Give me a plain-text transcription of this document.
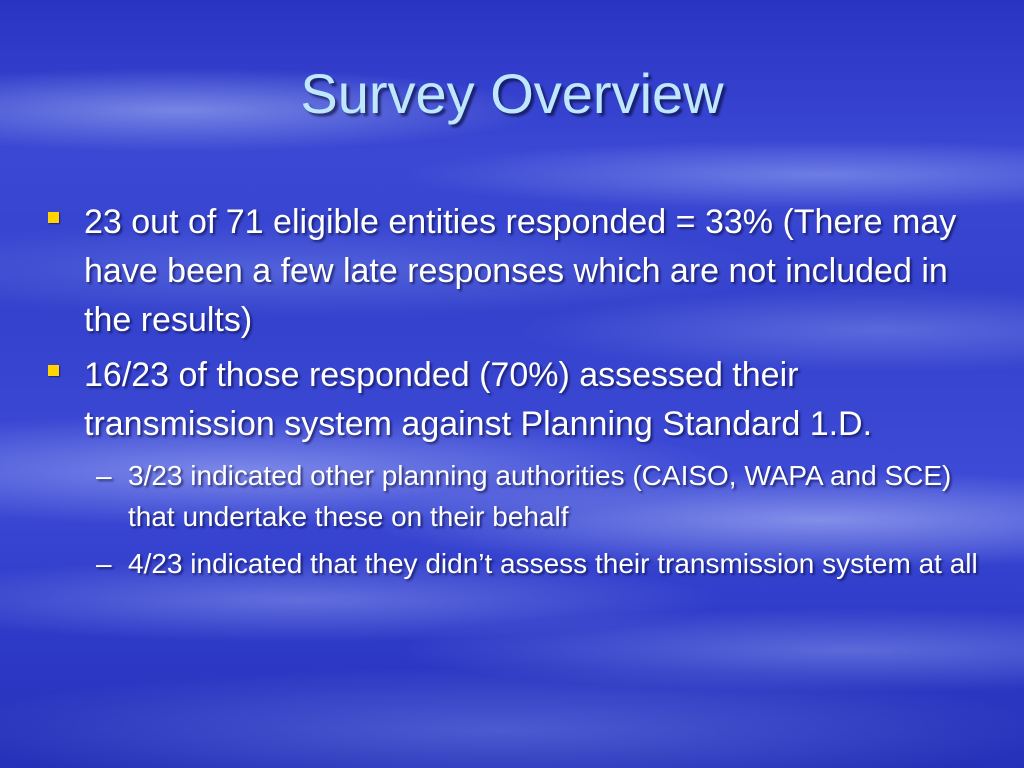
Survey Overview
23 out of 71 eligible entities responded = 33% (There may have been a few late responses which are not included in the results)
16/23 of those responded (70%) assessed their transmission system against Planning Standard 1.D.
– 3/23 indicated other planning authorities (CAISO, WAPA and SCE) that undertake these on their behalf
– 4/23 indicated that they didn’t assess their transmission system at all
